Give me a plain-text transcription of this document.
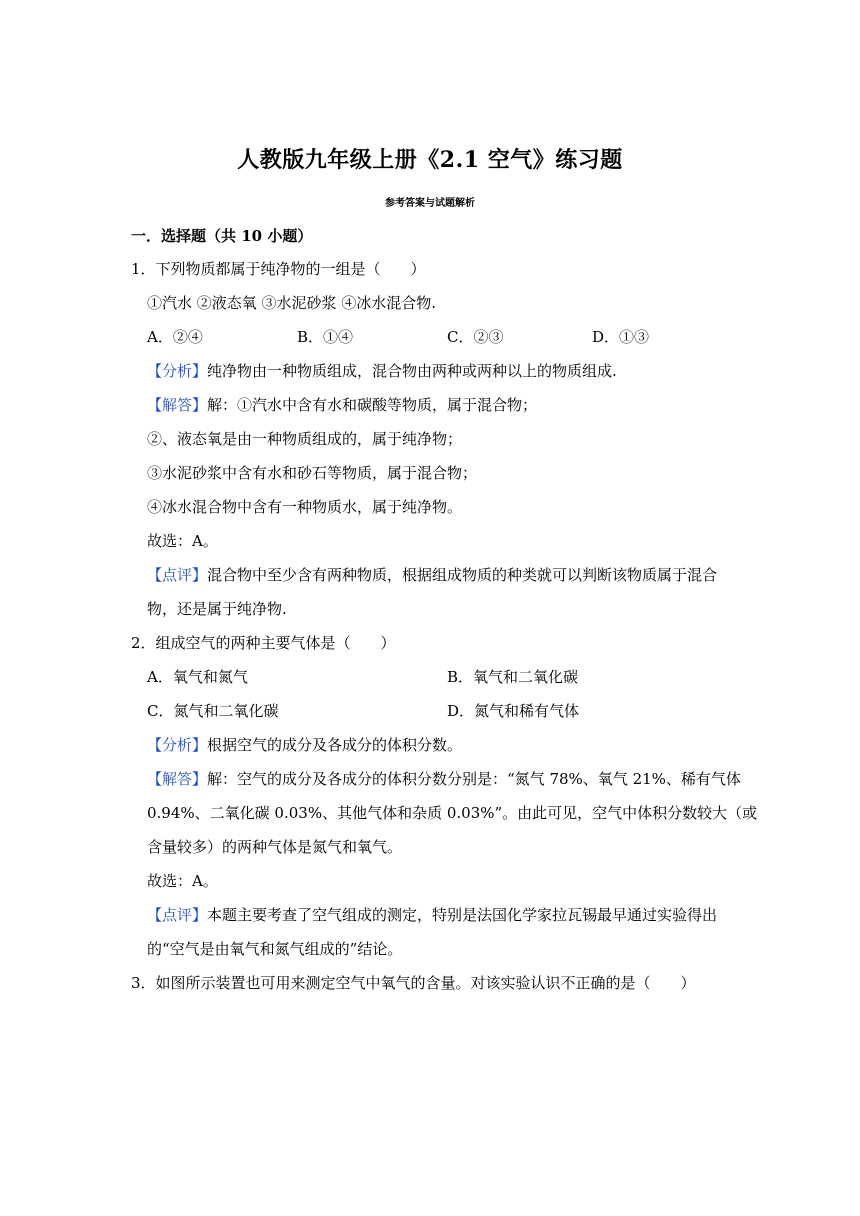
人教版九年级上册《2.1 空气》练习题
参考答案与试题解析
一．选择题（共 10 小题）
1．下列物质都属于纯净物的一组是（　　）
①汽水 ②液态氧 ③水泥砂浆 ④冰水混合物.
A．②④	B．①④	C．②③	D．①③
【分析】纯净物由一种物质组成，混合物由两种或两种以上的物质组成.
【解答】解：①汽水中含有水和碳酸等物质，属于混合物；
②、液态氧是由一种物质组成的，属于纯净物；
③水泥砂浆中含有水和砂石等物质，属于混合物；
④冰水混合物中含有一种物质水，属于纯净物。
故选：A。
【点评】混合物中至少含有两种物质，根据组成物质的种类就可以判断该物质属于混合
物，还是属于纯净物.
2．组成空气的两种主要气体是（　　）
A．氧气和氮气	B．氧气和二氧化碳
C．氮气和二氧化碳	D．氮气和稀有气体
【分析】根据空气的成分及各成分的体积分数。
【解答】解：空气的成分及各成分的体积分数分别是：“氮气 78%、氧气 21%、稀有气体
0.94%、二氧化碳 0.03%、其他气体和杂质 0.03%”。由此可见，空气中体积分数较大（或
含量较多）的两种气体是氮气和氧气。
故选：A。
【点评】本题主要考查了空气组成的测定，特别是法国化学家拉瓦锡最早通过实验得出
的“空气是由氧气和氮气组成的”结论。
3．如图所示装置也可用来测定空气中氧气的含量。对该实验认识不正确的是（　　）
